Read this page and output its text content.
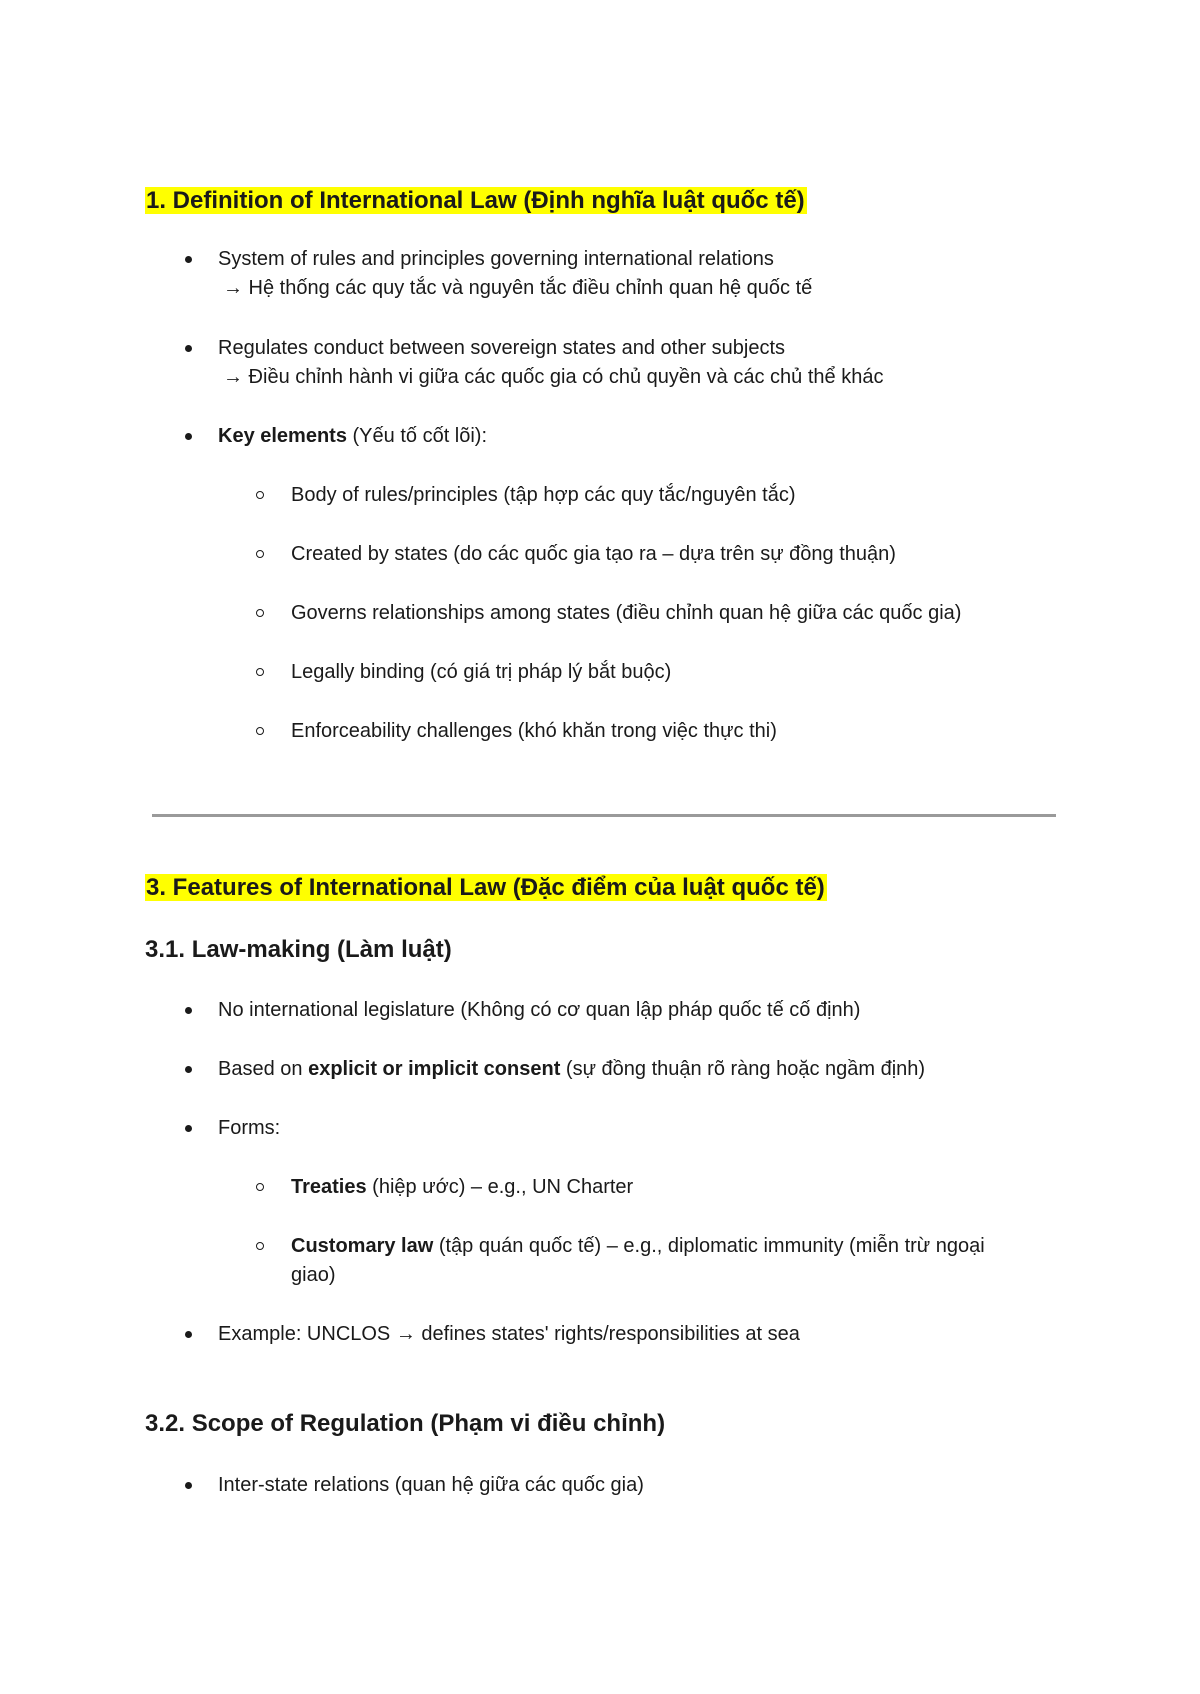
1. Definition of International Law (Định nghĩa luật quốc tế)
System of rules and principles governing international relations
→ Hệ thống các quy tắc và nguyên tắc điều chỉnh quan hệ quốc tế
Regulates conduct between sovereign states and other subjects
→ Điều chỉnh hành vi giữa các quốc gia có chủ quyền và các chủ thể khác
Key elements (Yếu tố cốt lõi):
Body of rules/principles (tập hợp các quy tắc/nguyên tắc)
Created by states (do các quốc gia tạo ra – dựa trên sự đồng thuận)
Governs relationships among states (điều chỉnh quan hệ giữa các quốc gia)
Legally binding (có giá trị pháp lý bắt buộc)
Enforceability challenges (khó khăn trong việc thực thi)
3. Features of International Law (Đặc điểm của luật quốc tế)
3.1. Law-making (Làm luật)
No international legislature (Không có cơ quan lập pháp quốc tế cố định)
Based on explicit or implicit consent (sự đồng thuận rõ ràng hoặc ngầm định)
Forms:
Treaties (hiệp ước) – e.g., UN Charter
Customary law (tập quán quốc tế) – e.g., diplomatic immunity (miễn trừ ngoại giao)
Example: UNCLOS → defines states' rights/responsibilities at sea
3.2. Scope of Regulation (Phạm vi điều chỉnh)
Inter-state relations (quan hệ giữa các quốc gia)
